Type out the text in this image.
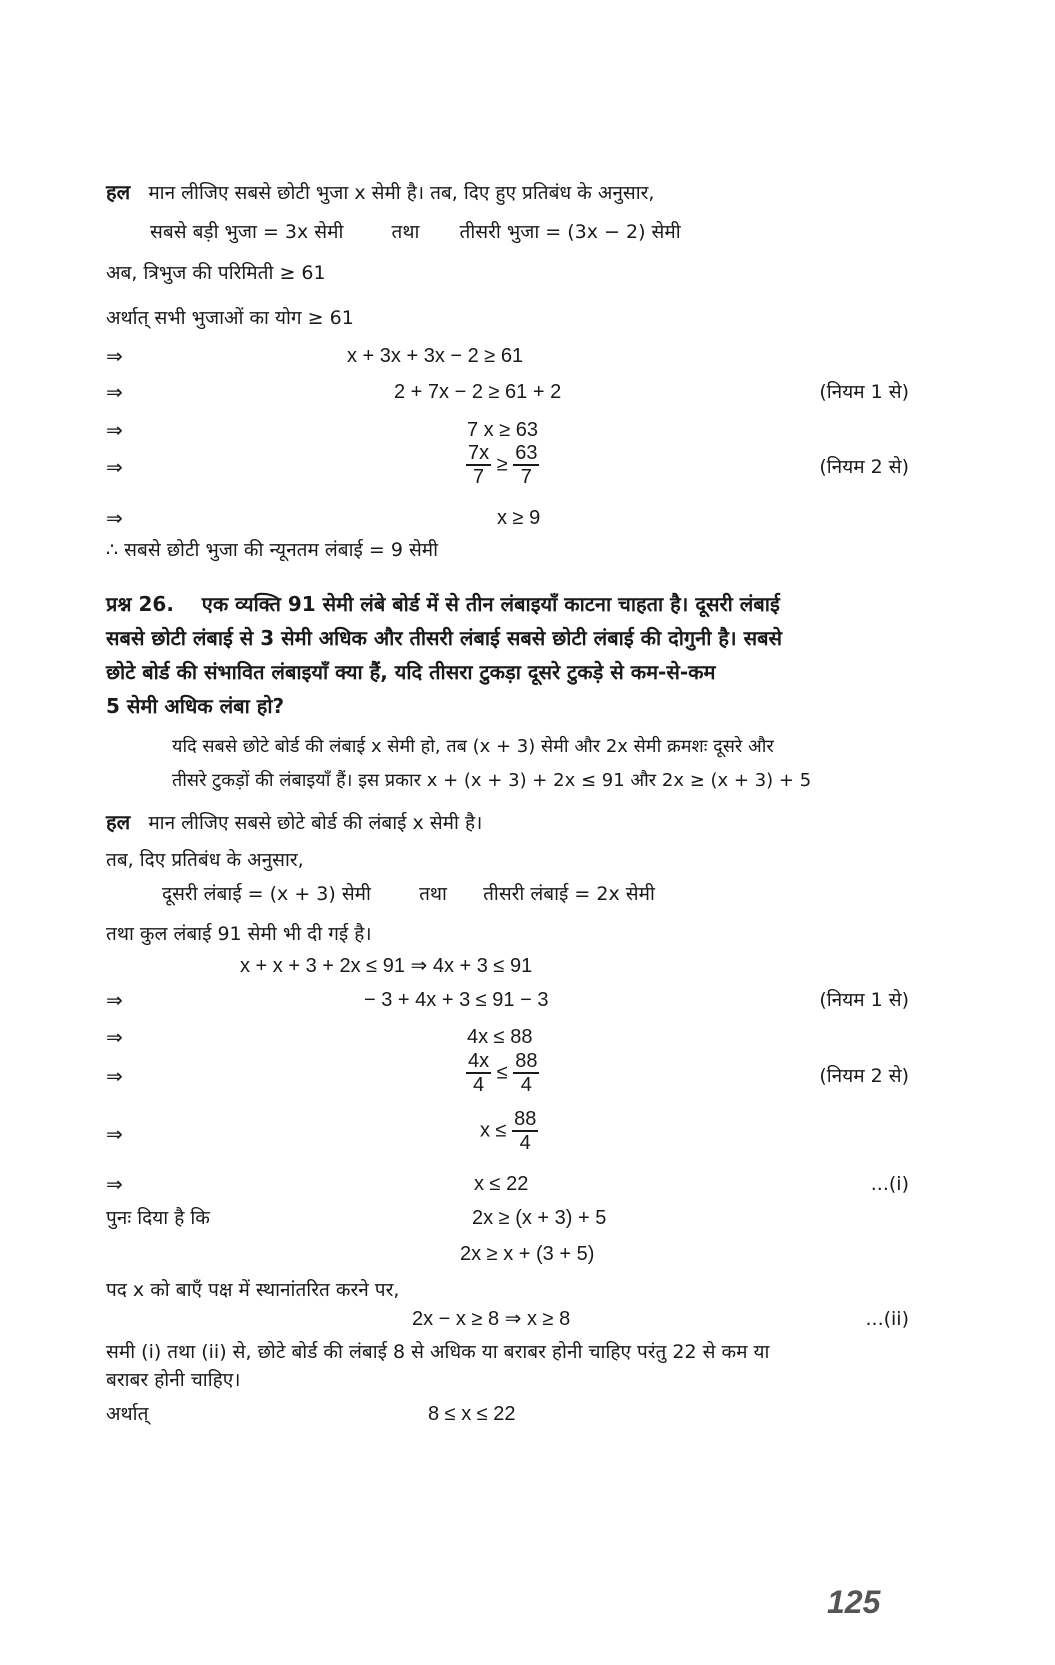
हल मान लीजिए सबसे छोटी भुजा x सेमी है। तब, दिए हुए प्रतिबंध के अनुसार,
सबसे बड़ी भुजा = 3x सेमी	तथा तीसरी भुजा = (3x − 2) सेमी
अब, त्रिभुज की परिमिती ≥ 61
अर्थात् सभी भुजाओं का योग ≥ 61
⇒	x + 3x + 3x − 2 ≥ 61
⇒	2 + 7x − 2 ≥ 61 + 2	(नियम 1 से)
⇒	7 x ≥ 63
⇒	$\frac{7x}{7} \ge \frac{63}{7}$	(नियम 2 से)
⇒	x ≥ 9
∴ सबसे छोटी भुजा की न्यूनतम लंबाई = 9 सेमी
प्रश्न 26. एक व्यक्ति 91 सेमी लंबे बोर्ड में से तीन लंबाइयाँ काटना चाहता है। दूसरी लंबाई
सबसे छोटी लंबाई से 3 सेमी अधिक और तीसरी लंबाई सबसे छोटी लंबाई की दोगुनी है। सबसे
छोटे बोर्ड की संभावित लंबाइयाँ क्या हैं, यदि तीसरा टुकड़ा दूसरे टुकड़े से कम-से-कम
5 सेमी अधिक लंबा हो?
यदि सबसे छोटे बोर्ड की लंबाई x सेमी हो, तब (x + 3) सेमी और 2x सेमी क्रमशः दूसरे और
तीसरे टुकड़ों की लंबाइयाँ हैं। इस प्रकार x + (x + 3) + 2x ≤ 91 और 2x ≥ (x + 3) + 5
हल मान लीजिए सबसे छोटे बोर्ड की लंबाई x सेमी है।
तब, दिए प्रतिबंध के अनुसार,
दूसरी लंबाई = (x + 3) सेमी	तथा तीसरी लंबाई = 2x सेमी
तथा कुल लंबाई 91 सेमी भी दी गई है।
x + x + 3 + 2x ≤ 91 ⇒ 4x + 3 ≤ 91
⇒	− 3 + 4x + 3 ≤ 91 − 3	(नियम 1 से)
⇒	4x ≤ 88
⇒	$\frac{4x}{4} \le \frac{88}{4}$	(नियम 2 से)
⇒	$x \le \frac{88}{4}$
⇒	x ≤ 22	...(i)
पुनः दिया है कि	2x ≥ (x + 3) + 5
2x ≥ x + (3 + 5)
पद x को बाएँ पक्ष में स्थानांतरित करने पर,
2x − x ≥ 8 ⇒ x ≥ 8	...(ii)
समी (i) तथा (ii) से, छोटे बोर्ड की लंबाई 8 से अधिक या बराबर होनी चाहिए परंतु 22 से कम या
बराबर होनी चाहिए।
अर्थात्	8 ≤ x ≤ 22
125
